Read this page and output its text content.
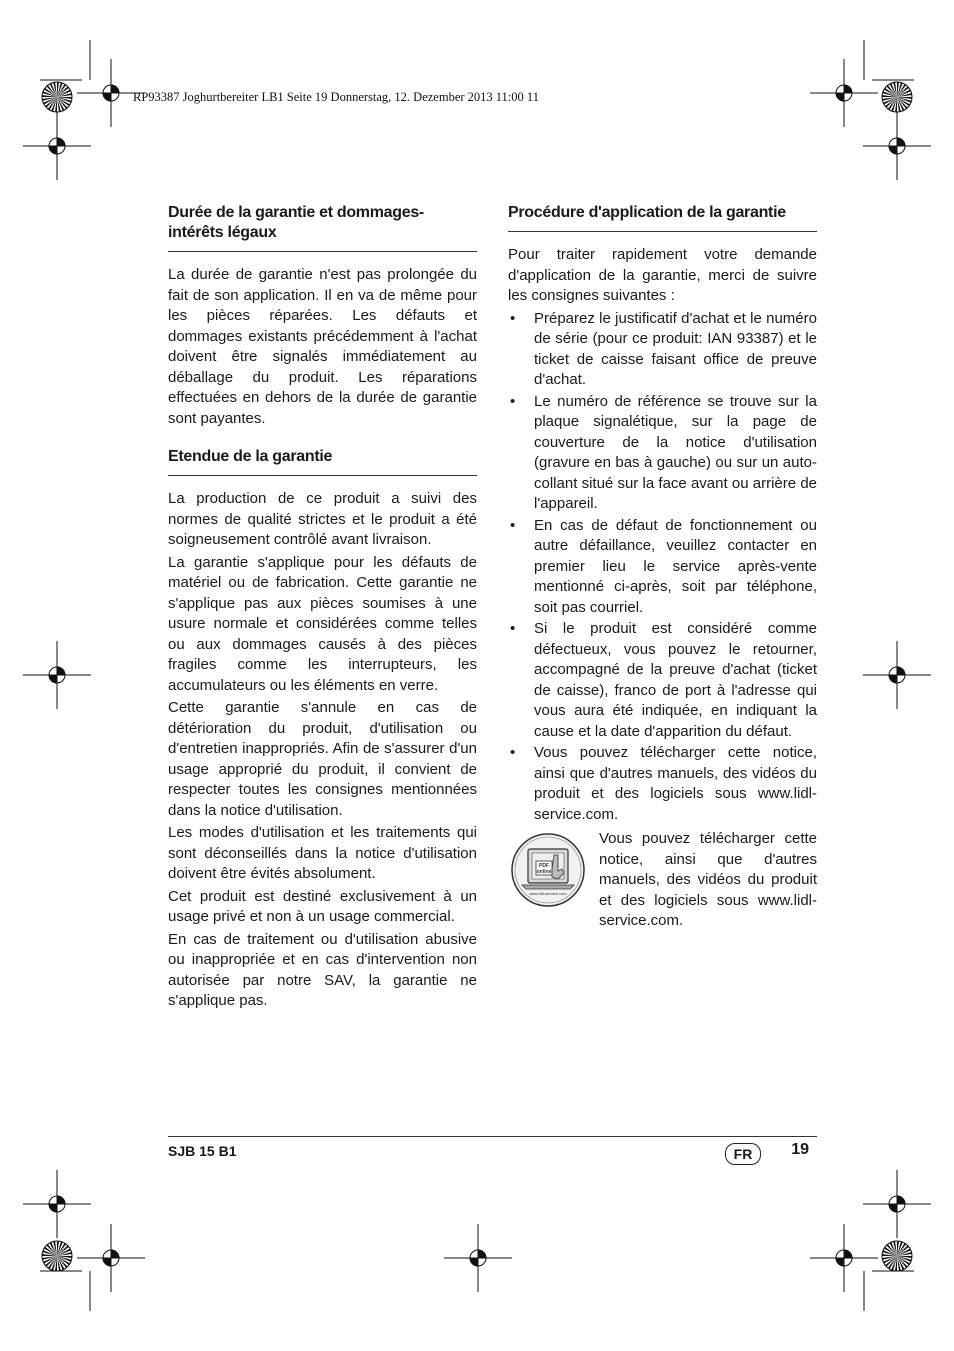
RP93387 Joghurtbereiter LB1 Seite 19 Donnerstag, 12. Dezember 2013 11:00 11
Durée de la garantie et dommages-intérêts légaux

La durée de garantie n'est pas prolongée du fait de son application. Il en va de même pour les pièces réparées. Les défauts et dommages existants précédemment à l'achat doivent être signalés immédiatement au déballage du produit. Les réparations effectuées en dehors de la durée de garantie sont payantes.

Etendue de la garantie

La production de ce produit a suivi des normes de qualité strictes et le produit a été soigneusement contrôlé avant livraison.

La garantie s'applique pour les défauts de matériel ou de fabrication. Cette garantie ne s'applique pas aux pièces soumises à une usure normale et considérées comme telles ou aux dommages causés à des pièces fragiles comme les interrupteurs, les accumulateurs ou les éléments en verre.

Cette garantie s'annule en cas de détérioration du produit, d'utilisation ou d'entretien inappropriés. Afin de s'assurer d'un usage approprié du produit, il convient de respecter toutes les consignes mentionnées dans la notice d'utilisation.

Les modes d'utilisation et les traitements qui sont déconseillés dans la notice d'utilisation doivent être évités absolument.

Cet produit est destiné exclusivement à un usage privé et non à un usage commercial.

En cas de traitement ou d'utilisation abusive ou inappropriée et en cas d'intervention non autorisée par notre SAV, la garantie ne s'applique pas.

Procédure d'application de la garantie

Pour traiter rapidement votre demande d'application de la garantie, merci de suivre les consignes suivantes :

• Préparez le justificatif d'achat et le numéro de série (pour ce produit: IAN 93387) et le ticket de caisse faisant office de preuve d'achat.
• Le numéro de référence se trouve sur la plaque signalétique, sur la page de couverture de la notice d'utilisation (gravure en bas à gauche) ou sur un auto-collant situé sur la face avant ou arrière de l'appareil.
• En cas de défaut de fonctionnement ou autre défaillance, veuillez contacter en premier lieu le service après-vente mentionné ci-après, soit par téléphone, soit pas courriel.
• Si le produit est considéré comme défectueux, vous pouvez le retourner, accompagné de la preuve d'achat (ticket de caisse), franco de port à l'adresse qui vous aura été indiquée, en indiquant la cause et la date d'apparition du défaut.
• Vous pouvez télécharger cette notice, ainsi que d'autres manuels, des vidéos du produit et des logiciels sous www.lidl-service.com.
PDF
online
www.lidl-service.com

Vous pouvez télécharger cette notice, ainsi que d'autres manuels, des vidéos du produit et des logiciels sous www.lidl-service.com.

SJB 15 B1	FR	19
